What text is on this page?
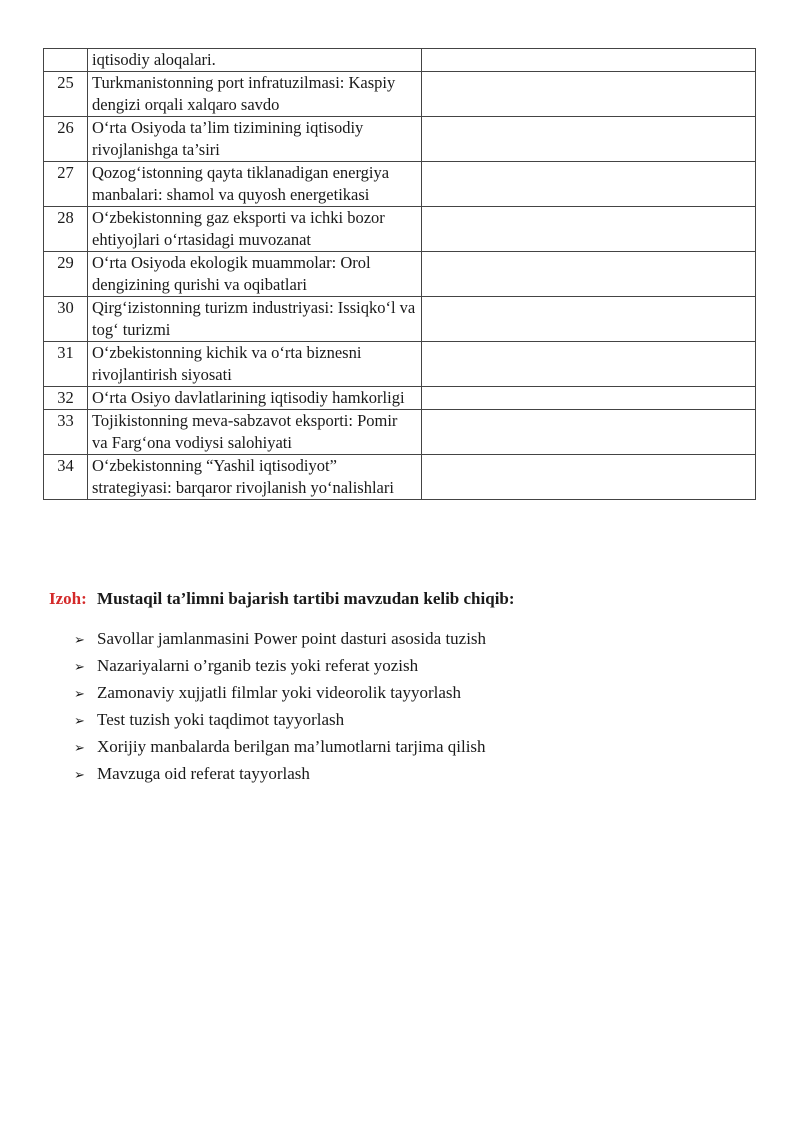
	iqtisodiy aloqalari.	
25	Turkmanistonning port infratuzilmasi: Kaspiy dengizi orqali xalqaro savdo	
26	O‘rta Osiyoda ta’lim tizimining iqtisodiy rivojlanishga ta’siri	
27	Qozog‘istonning qayta tiklanadigan energiya manbalari: shamol va quyosh energetikasi	
28	O‘zbekistonning gaz eksporti va ichki bozor ehtiyojlari o‘rtasidagi muvozanat	
29	O‘rta Osiyoda ekologik muammolar: Orol dengizining qurishi va oqibatlari	
30	Qirg‘izistonning turizm industriyasi: Issiqko‘l va tog‘ turizmi	
31	O‘zbekistonning kichik va o‘rta biznesni rivojlantirish siyosati	
32	O‘rta Osiyo davlatlarining iqtisodiy hamkorligi	
33	Tojikistonning meva-sabzavot eksporti: Pomir va Farg‘ona vodiysi salohiyati	
34	O‘zbekistonning “Yashil iqtisodiyot” strategiyasi: barqaror rivojlanish yo‘nalishlari	
Izoh: Mustaqil ta’limni bajarish tartibi mavzudan kelib chiqib:
➢ Savollar jamlanmasini Power point dasturi asosida tuzish
➢ Nazariyalarni o’rganib tezis yoki referat yozish
➢ Zamonaviy xujjatli filmlar yoki videorolik tayyorlash
➢ Test tuzish yoki taqdimot tayyorlash
➢ Xorijiy manbalarda berilgan ma’lumotlarni tarjima qilish
➢ Mavzuga oid referat tayyorlash
